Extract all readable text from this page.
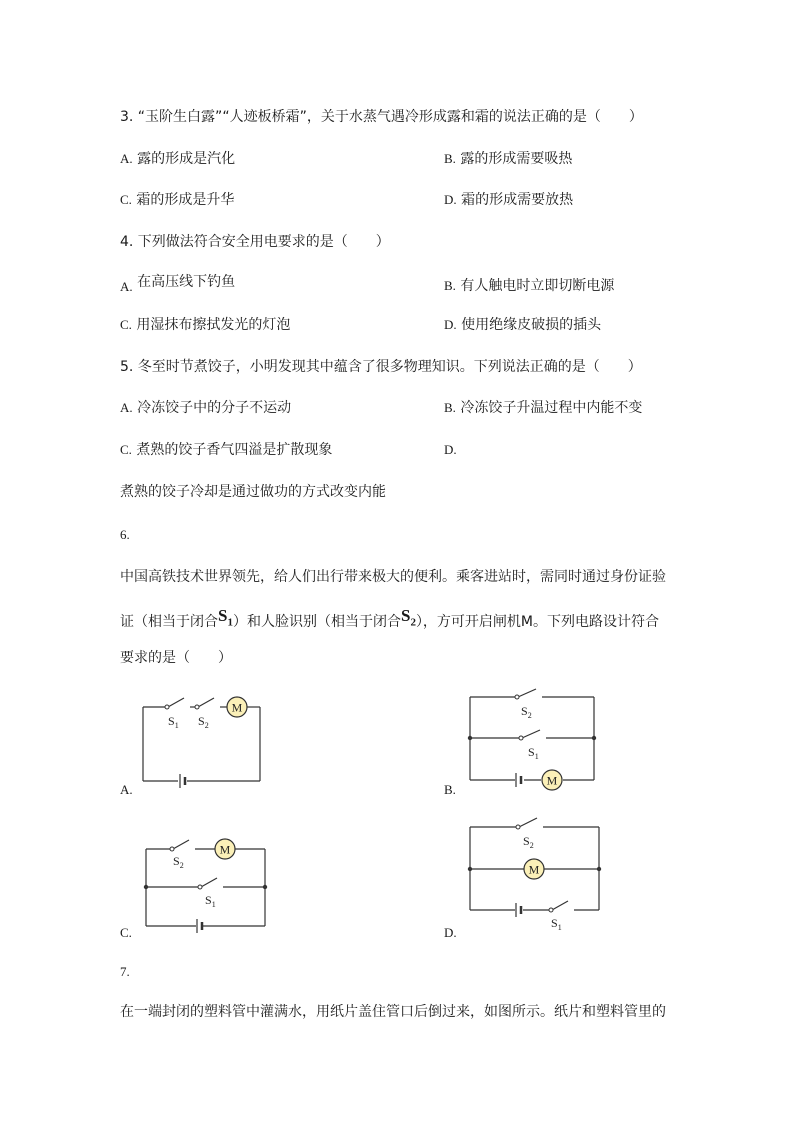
3. “玉阶生白露”“人迹板桥霜”，关于水蒸气遇冷形成露和霜的说法正确的是（　　）
A. 露的形成是汽化	B. 露的形成需要吸热
C. 霜的形成是升华	D. 霜的形成需要放热
4. 下列做法符合安全用电要求的是（　　）
A. 在高压线下钓鱼	B. 有人触电时立即切断电源
C. 用湿抹布擦拭发光的灯泡	D. 使用绝缘皮破损的插头
5. 冬至时节煮饺子，小明发现其中蕴含了很多物理知识。下列说法正确的是（　　）
A. 冷冻饺子中的分子不运动	B. 冷冻饺子升温过程中内能不变
C. 煮熟的饺子香气四溢是扩散现象	D.
煮熟的饺子冷却是通过做功的方式改变内能
6.
中国高铁技术世界领先，给人们出行带来极大的便利。乘客进站时，需同时通过身份证验
证（相当于闭合$S_1$）和人脸识别（相当于闭合$S_2$），方可开启闸机M。下列电路设计符合
要求的是（　　）
A.
M
$S_1$ $S_2$
B.
M
$S_2$
$S_1$
C.
M
$S_2$
$S_1$
D.
M
$S_2$
$S_1$
7.
在一端封闭的塑料管中灌满水，用纸片盖住管口后倒过来，如图所示。纸片和塑料管里的
